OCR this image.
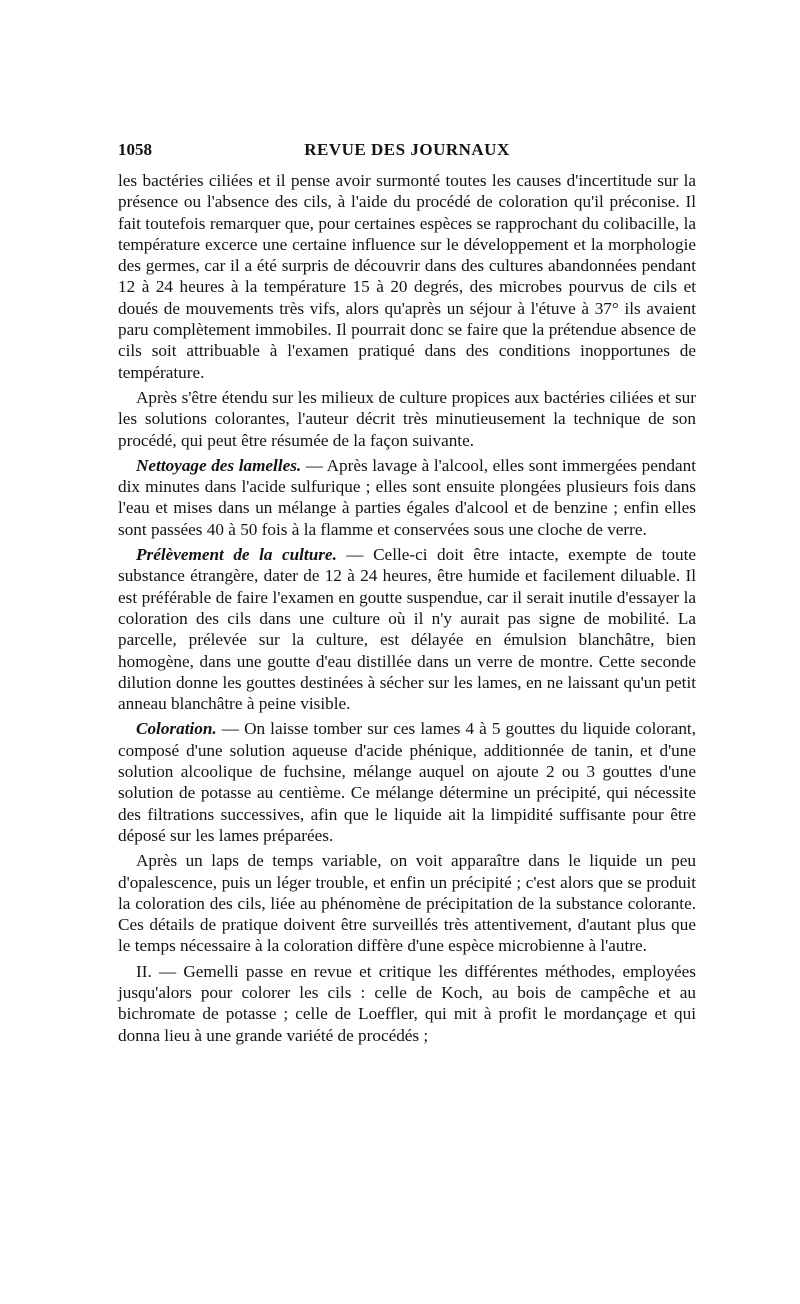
1058	REVUE DES JOURNAUX

les bactéries ciliées et il pense avoir surmonté toutes les causes d'incertitude sur la présence ou l'absence des cils, à l'aide du procédé de coloration qu'il préconise. Il fait toutefois remarquer que, pour certaines espèces se rapprochant du colibacille, la température excerce une certaine influence sur le développement et la morphologie des germes, car il a été surpris de découvrir dans des cultures abandonnées pendant 12 à 24 heures à la température 15 à 20 degrés, des microbes pourvus de cils et doués de mouvements très vifs, alors qu'après un séjour à l'étuve à 37° ils avaient paru complètement immobiles. Il pourrait donc se faire que la prétendue absence de cils soit attribuable à l'examen pratiqué dans des conditions inopportunes de température.

Après s'être étendu sur les milieux de culture propices aux bactéries ciliées et sur les solutions colorantes, l'auteur décrit très minutieusement la technique de son procédé, qui peut être résumée de la façon suivante.

Nettoyage des lamelles. — Après lavage à l'alcool, elles sont immergées pendant dix minutes dans l'acide sulfurique ; elles sont ensuite plongées plusieurs fois dans l'eau et mises dans un mélange à parties égales d'alcool et de benzine ; enfin elles sont passées 40 à 50 fois à la flamme et conservées sous une cloche de verre.

Prélèvement de la culture. — Celle-ci doit être intacte, exempte de toute substance étrangère, dater de 12 à 24 heures, être humide et facilement diluable. Il est préférable de faire l'examen en goutte suspendue, car il serait inutile d'essayer la coloration des cils dans une culture où il n'y aurait pas signe de mobilité. La parcelle, prélevée sur la culture, est délayée en émulsion blanchâtre, bien homogène, dans une goutte d'eau distillée dans un verre de montre. Cette seconde dilution donne les gouttes destinées à sécher sur les lames, en ne laissant qu'un petit anneau blanchâtre à peine visible.

Coloration. — On laisse tomber sur ces lames 4 à 5 gouttes du liquide colorant, composé d'une solution aqueuse d'acide phénique, additionnée de tanin, et d'une solution alcoolique de fuchsine, mélange auquel on ajoute 2 ou 3 gouttes d'une solution de potasse au centième. Ce mélange détermine un précipité, qui nécessite des filtrations successives, afin que le liquide ait la limpidité suffisante pour être déposé sur les lames préparées.

Après un laps de temps variable, on voit apparaître dans le liquide un peu d'opalescence, puis un léger trouble, et enfin un précipité ; c'est alors que se produit la coloration des cils, liée au phénomène de précipitation de la substance colorante. Ces détails de pratique doivent être surveillés très attentivement, d'autant plus que le temps nécessaire à la coloration diffère d'une espèce microbienne à l'autre.

II. — Gemelli passe en revue et critique les différentes méthodes, employées jusqu'alors pour colorer les cils : celle de Koch, au bois de campêche et au bichromate de potasse ; celle de Loeffler, qui mit à profit le mordançage et qui donna lieu à une grande variété de procédés ;
